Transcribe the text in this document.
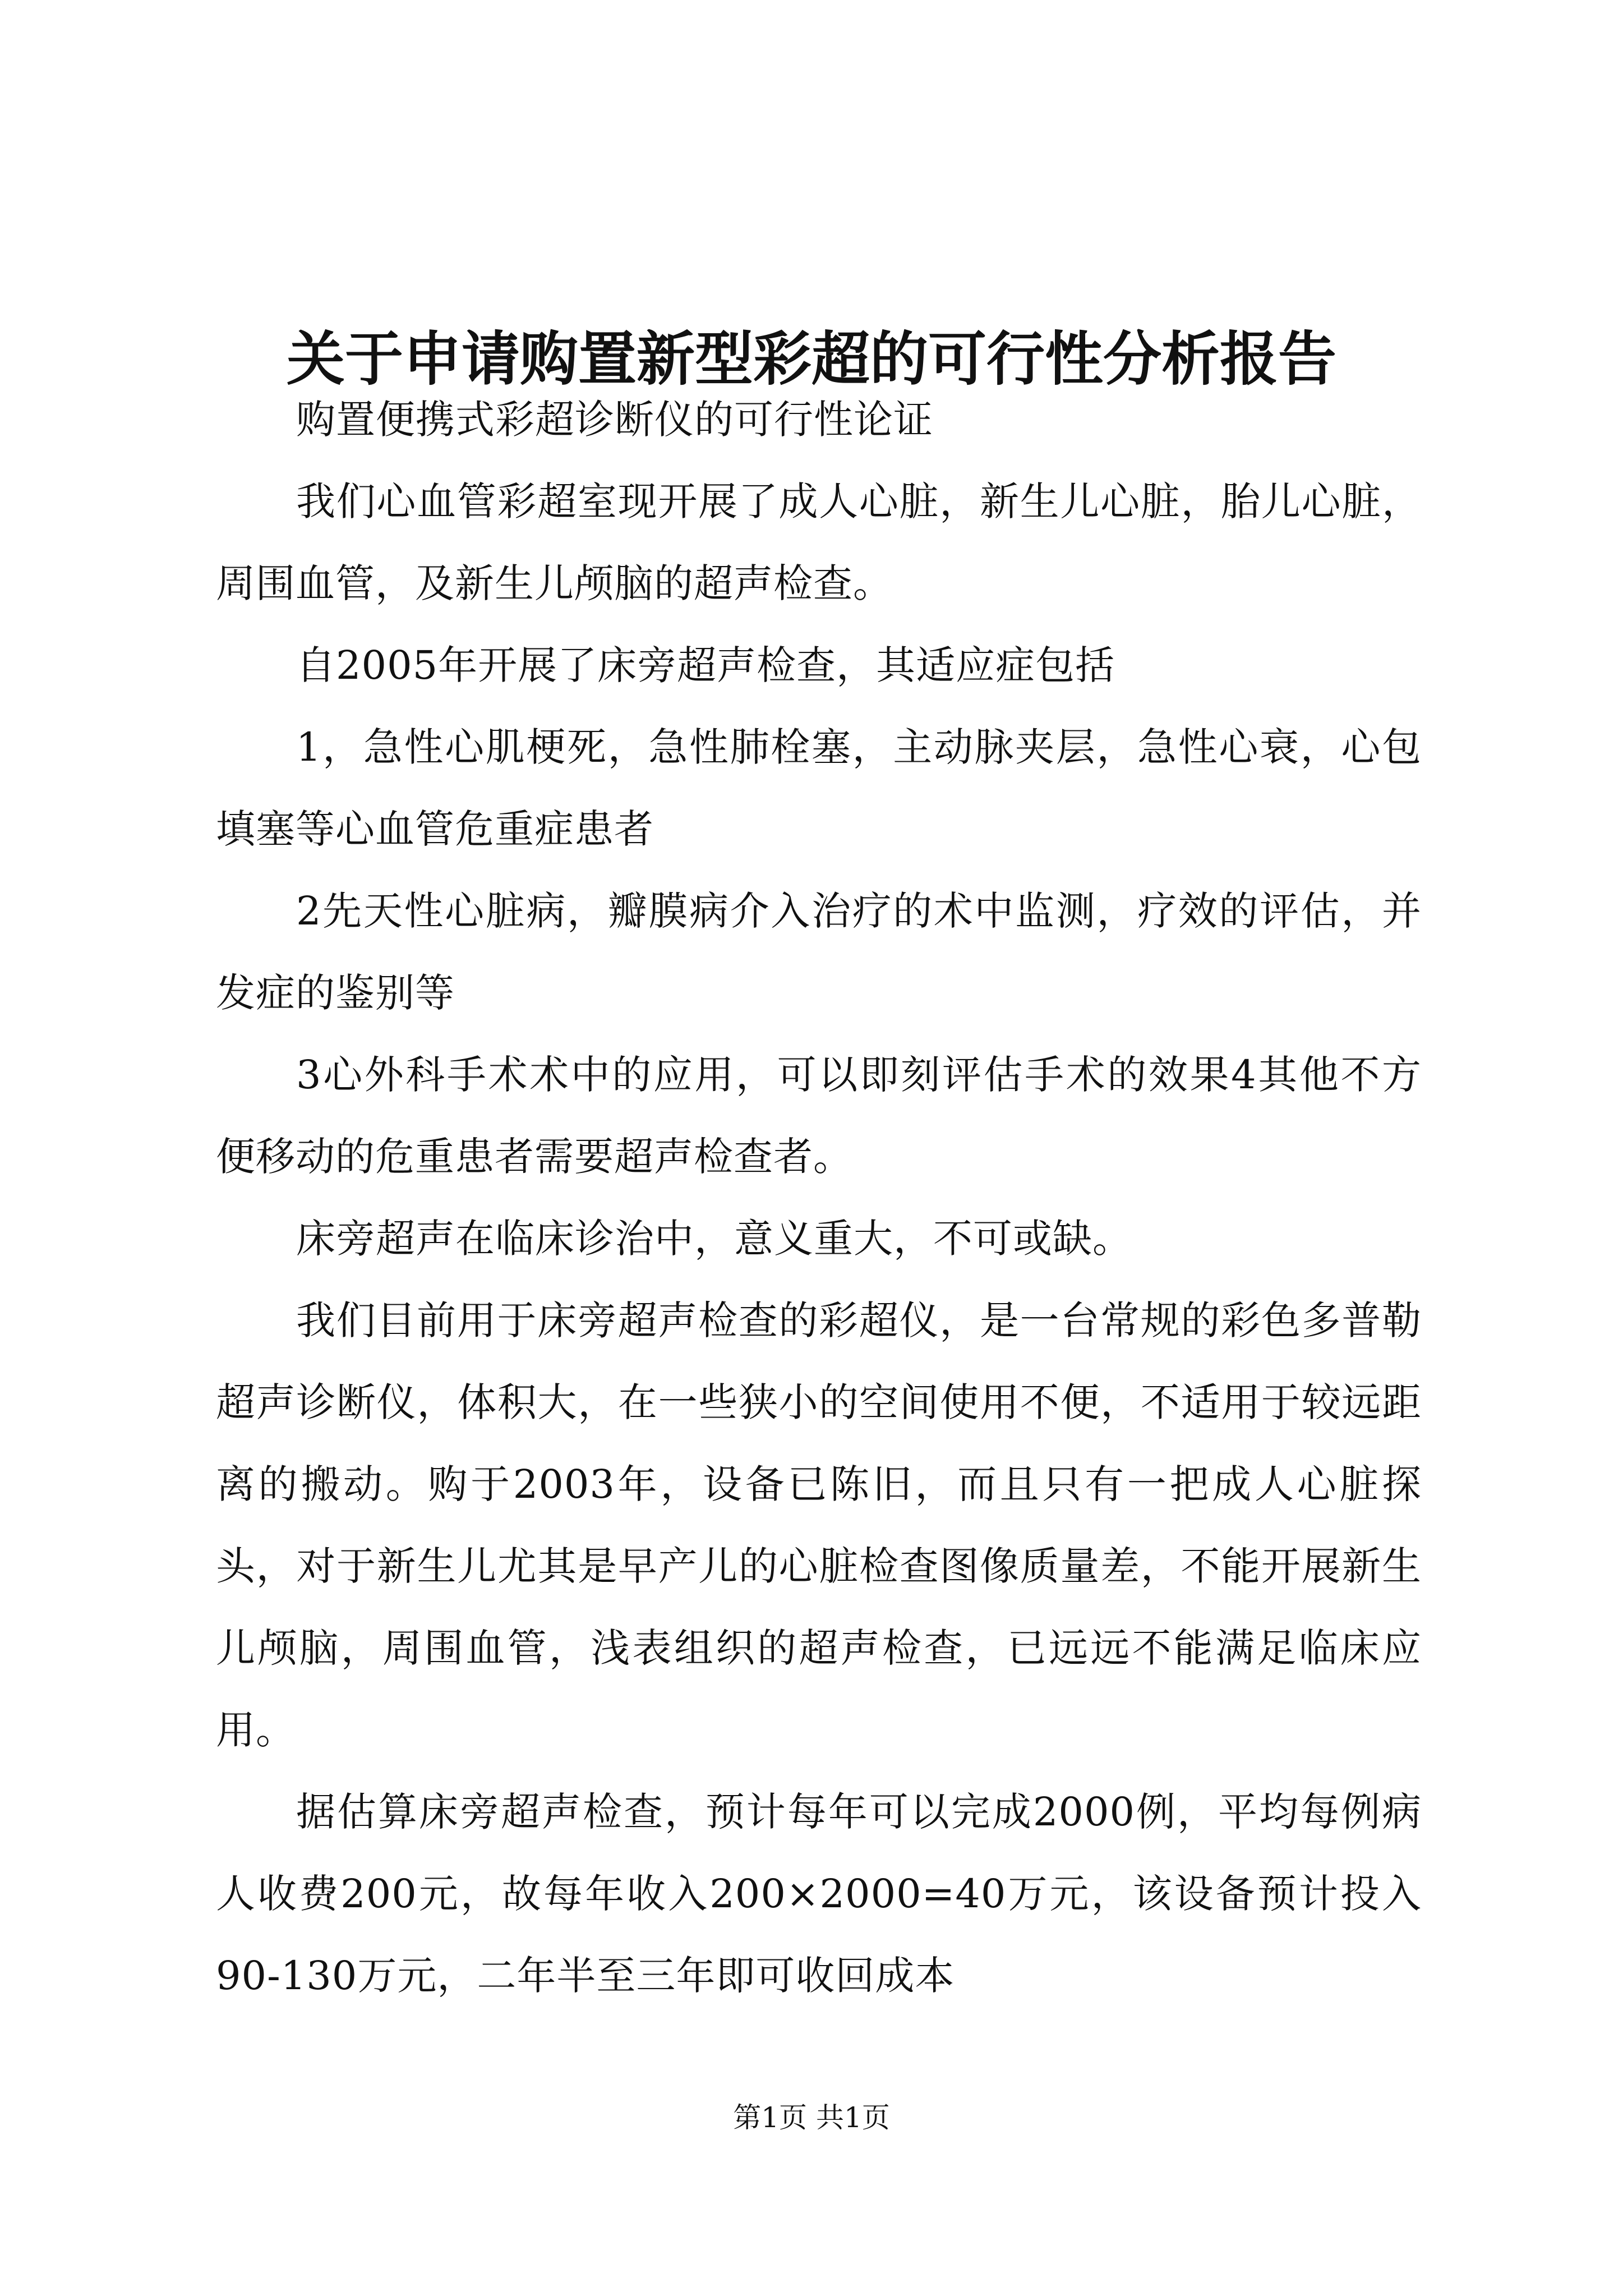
关于申请购置新型彩超的可行性分析报告

购置便携式彩超诊断仪的可行性论证

我们心血管彩超室现开展了成人心脏，新生儿心脏，胎儿心脏，周围血管，及新生儿颅脑的超声检查。

自2005年开展了床旁超声检查，其适应症包括

1，急性心肌梗死，急性肺栓塞，主动脉夹层，急性心衰，心包填塞等心血管危重症患者

2先天性心脏病，瓣膜病介入治疗的术中监测，疗效的评估，并发症的鉴别等

3心外科手术术中的应用，可以即刻评估手术的效果4其他不方便移动的危重患者需要超声检查者。

床旁超声在临床诊治中，意义重大，不可或缺。

我们目前用于床旁超声检查的彩超仪，是一台常规的彩色多普勒超声诊断仪，体积大，在一些狭小的空间使用不便，不适用于较远距离的搬动。购于2003年，设备已陈旧，而且只有一把成人心脏探头，对于新生儿尤其是早产儿的心脏检查图像质量差，不能开展新生儿颅脑，周围血管，浅表组织的超声检查，已远远不能满足临床应用。

据估算床旁超声检查，预计每年可以完成2000例，平均每例病人收费200元，故每年收入200×2000=40万元，该设备预计投入90-130万元，二年半至三年即可收回成本

第1页 共1页
